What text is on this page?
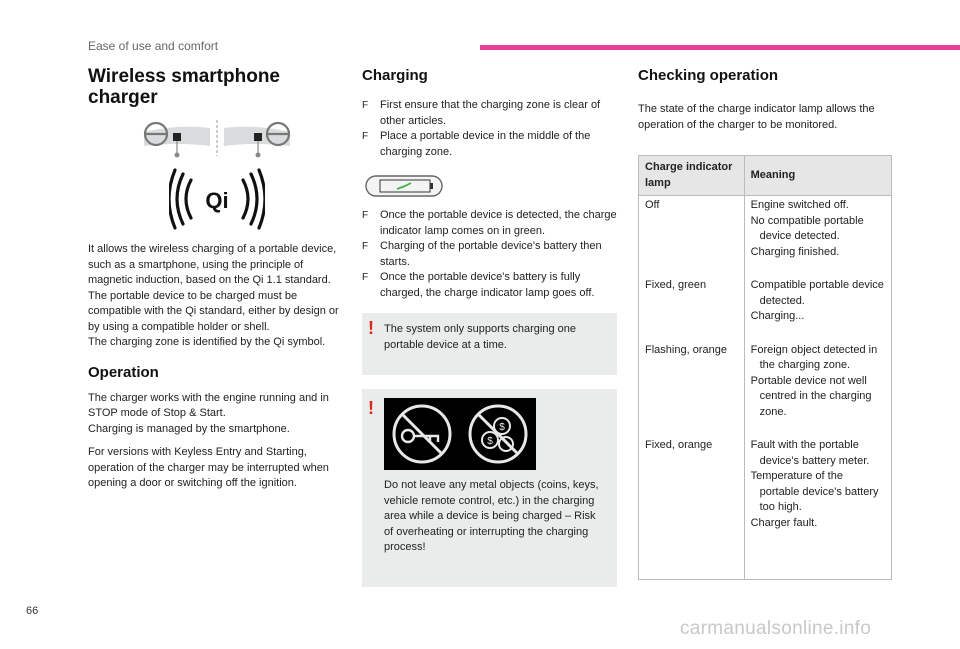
Ease of use and comfort
Wireless smartphone charger
Qi
It allows the wireless charging of a portable device, such as a smartphone, using the principle of magnetic induction, based on the Qi 1.1 standard.
The portable device to be charged must be compatible with the Qi standard, either by design or by using a compatible holder or shell.
The charging zone is identified by the Qi symbol.
Operation

The charger works with the engine running and in STOP mode of Stop & Start.
Charging is managed by the smartphone.

For versions with Keyless Entry and Starting, operation of the charger may be interrupted when opening a door or switching off the ignition.

Charging
F First ensure that the charging zone is clear of other articles.
F Place a portable device in the middle of the charging zone.
F Once the portable device is detected, the charge indicator lamp comes on in green.
F Charging of the portable device's battery then starts.
F Once the portable device's battery is fully charged, the charge indicator lamp goes off.
! The system only supports charging one portable device at a time.
!
$
$
Do not leave any metal objects (coins, keys, vehicle remote control, etc.) in the charging area while a device is being charged – Risk of overheating or interrupting the charging process!
Checking operation

The state of the charge indicator lamp allows the operation of the charger to be monitored.

Charge indicator lamp	Meaning
Off	Engine switched off.
No compatible portable device detected.
Charging finished.

Fixed, green	Compatible portable device detected.
Charging...

Flashing, orange	Foreign object detected in the charging zone.
Portable device not well centred in the charging zone.

Fixed, orange	Fault with the portable device's battery meter.
Temperature of the portable device's battery too high.
Charger fault.
66
carmanualsonline.info
